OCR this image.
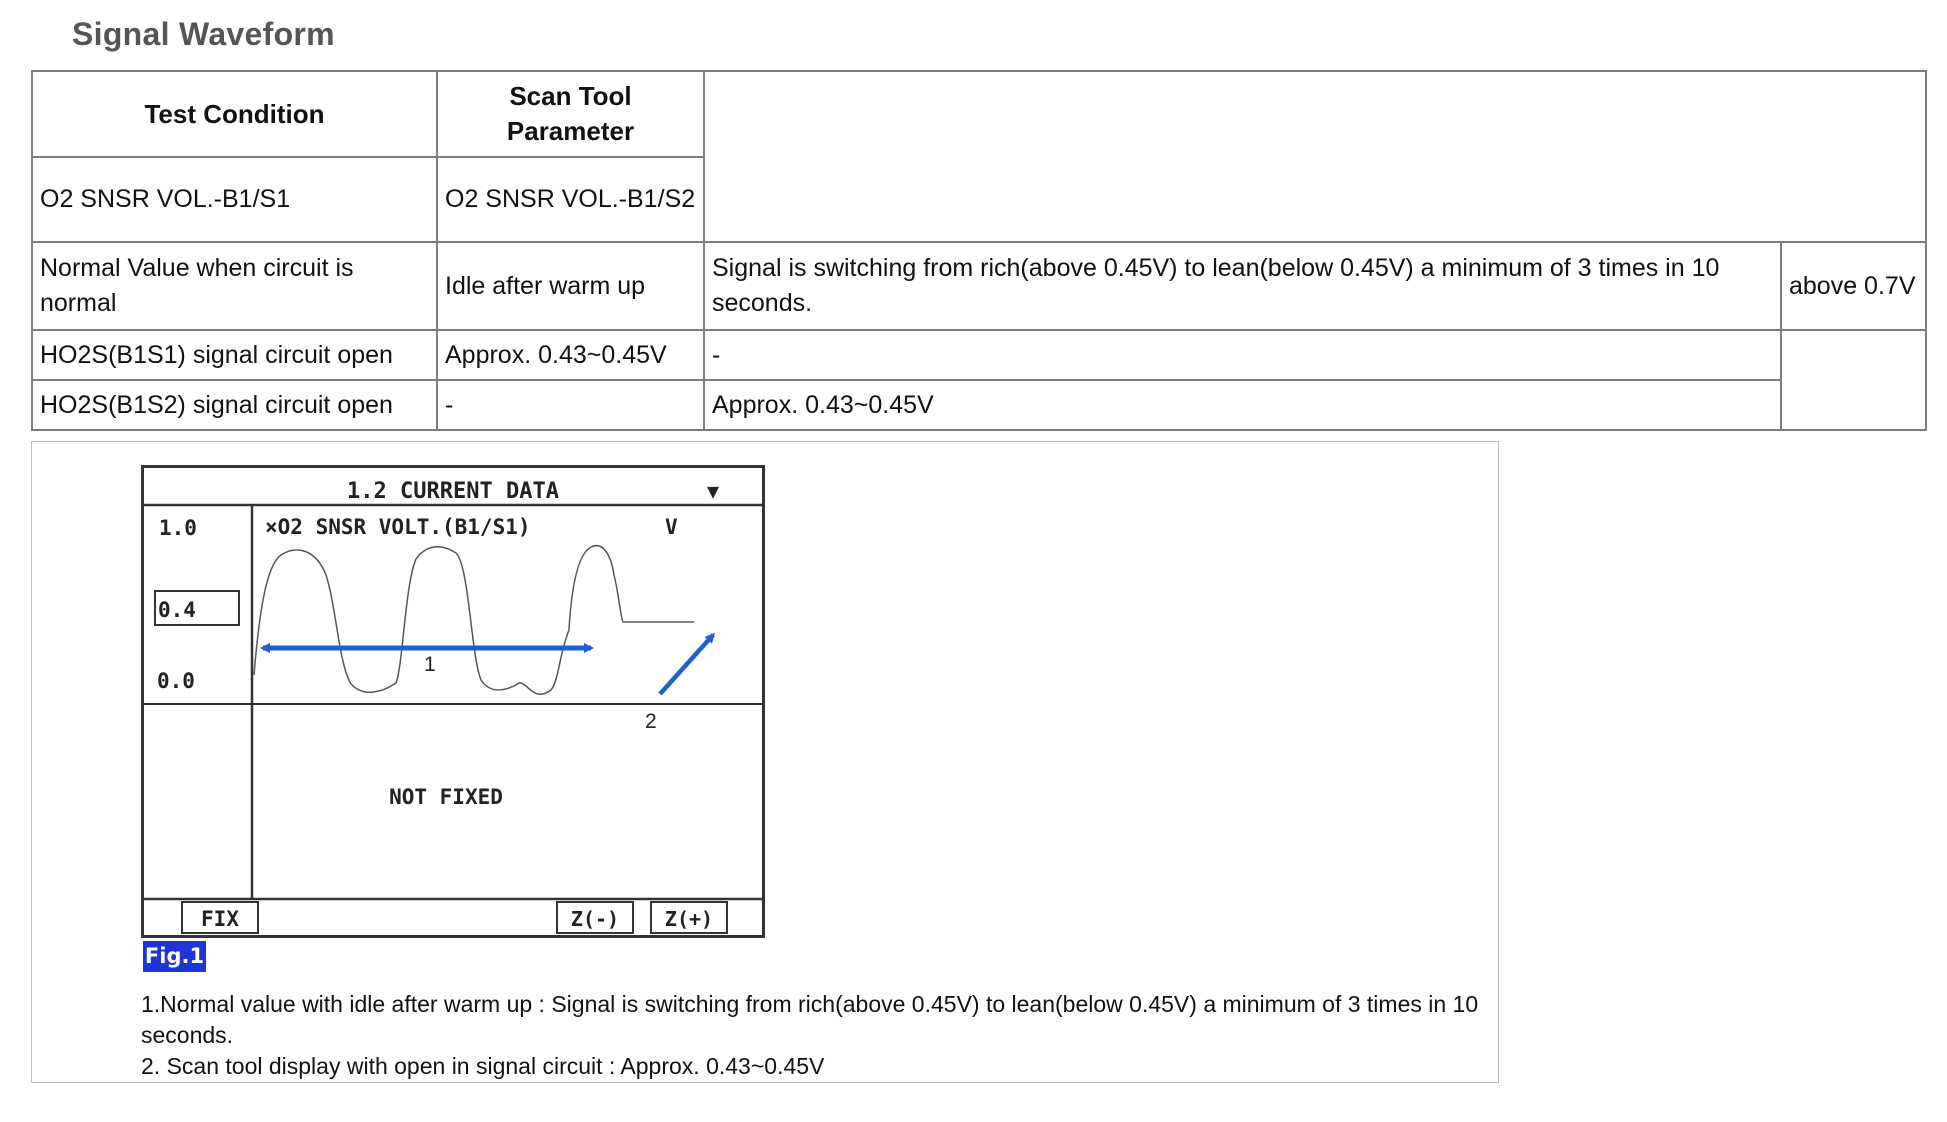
Signal Waveform
Test Condition	Scan Tool Parameter		
O2 SNSR VOL.-B1/S1	O2 SNSR VOL.-B1/S2		
Normal Value when circuit is normal	Idle after warm up	Signal is switching from rich(above 0.45V) to lean(below 0.45V) a minimum of 3 times in 10 seconds.	above 0.7V
HO2S(B1S1) signal circuit open	Approx. 0.43~0.45V	-	
HO2S(B1S2) signal circuit open	-	Approx. 0.43~0.45V	
1.2 CURRENT DATA	▼
1.0
0.4
0.0
×O2 SNSR VOLT.(B1/S1)	V
1
2
NOT FIXED
FIX	Z(-) Z(+)
Fig.1

1.Normal value with idle after warm up : Signal is switching from rich(above 0.45V) to lean(below 0.45V) a minimum of 3 times in 10 seconds.

2. Scan tool display with open in signal circuit : Approx. 0.43~0.45V
